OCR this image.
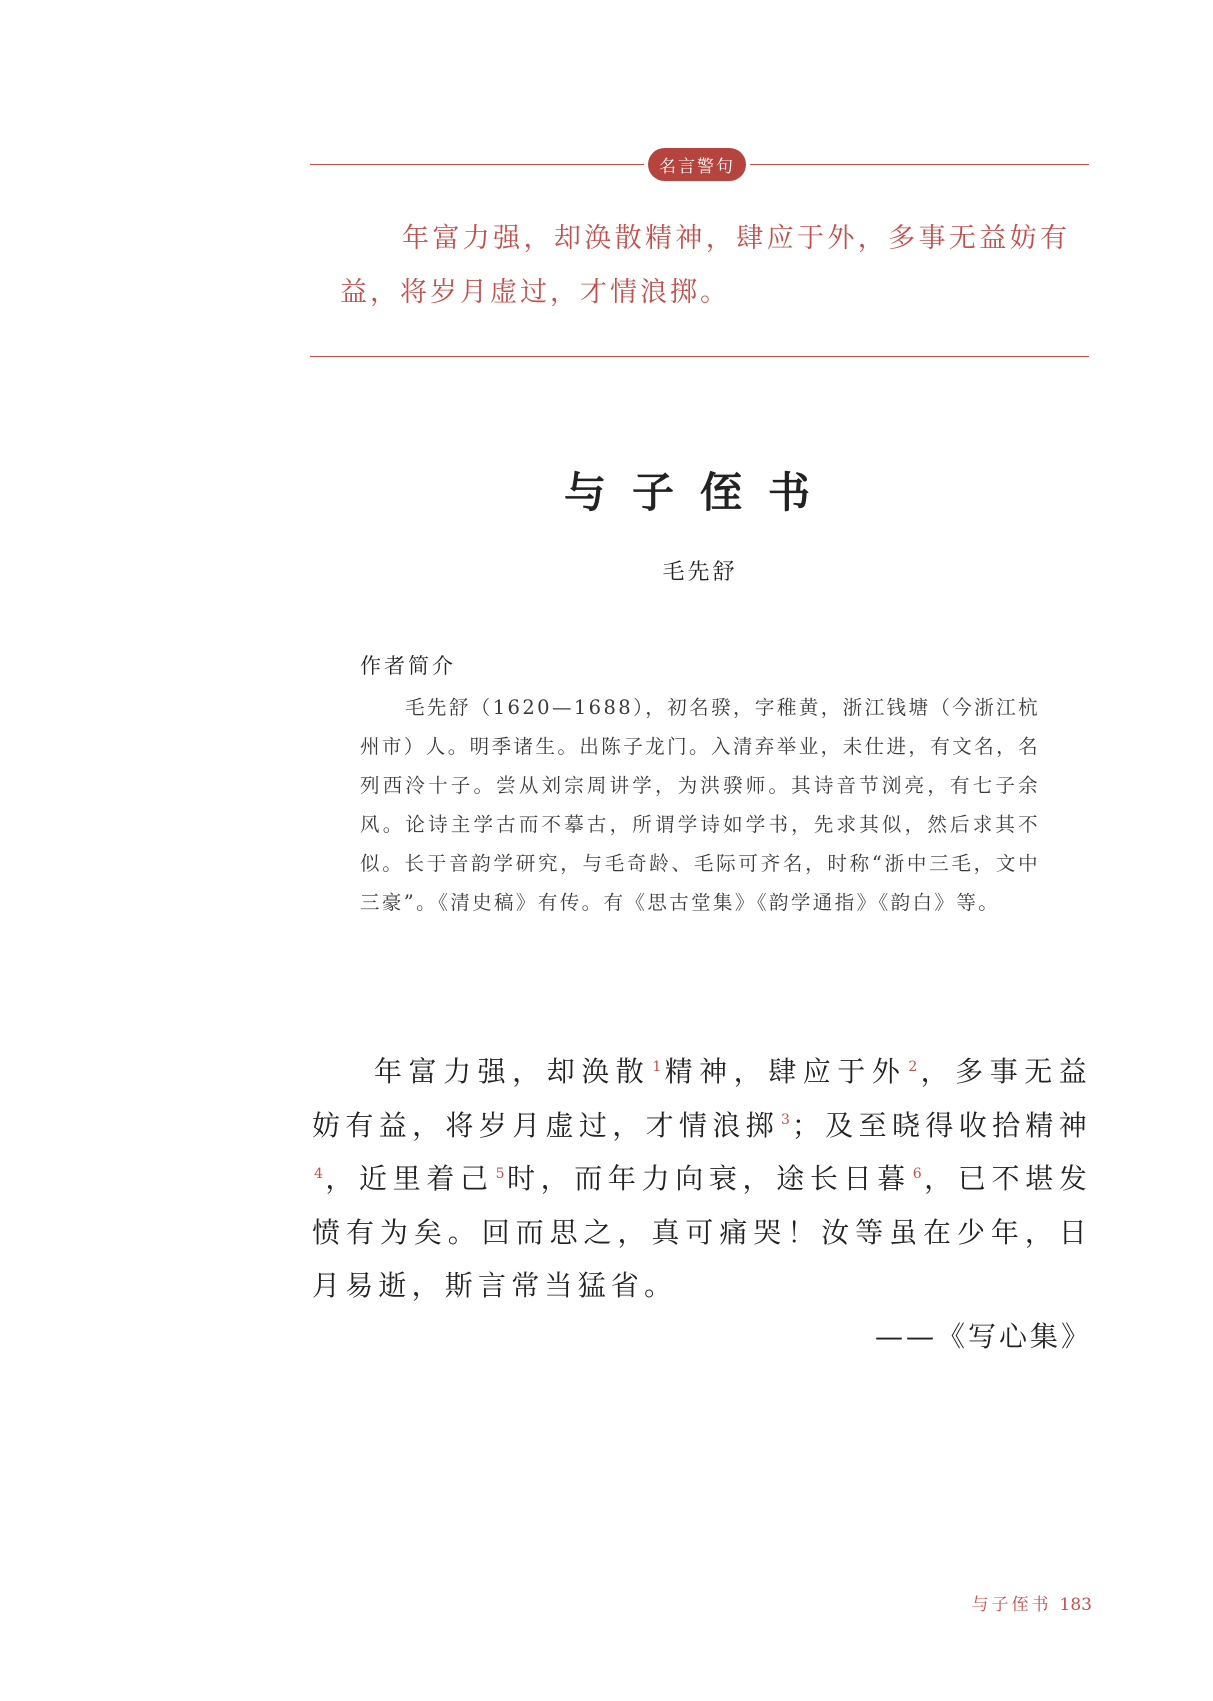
名言警句
年富力强，却涣散精神，肆应于外，多事无益妨有益，将岁月虚过，才情浪掷。
与子侄书
毛先舒
作者简介
毛先舒（1620—1688），初名骙，字稚黄，浙江钱塘（今浙江杭州市）人。明季诸生。出陈子龙门。入清弃举业，未仕进，有文名，名列西泠十子。尝从刘宗周讲学，为洪骙师。其诗音节浏亮，有七子余风。论诗主学古而不摹古，所谓学诗如学书，先求其似，然后求其不似。长于音韵学研究，与毛奇龄、毛际可齐名，时称“浙中三毛，文中三豪”。《清史稿》有传。有《思古堂集》《韵学通指》《韵白》等。
年富力强，却涣散 $^1$精神，肆应于外 $^2$，多事无益妨有益，将岁月虚过，才情浪掷 $^3$；及至晓得收拾精神$^4$，近里着己 $^5$时，而年力向衰，途长日暮 $^6$，已不堪发愤有为矣。回而思之，真可痛哭！汝等虽在少年，日月易逝，斯言常当猛省。
——《写心集》
与子侄书 183
